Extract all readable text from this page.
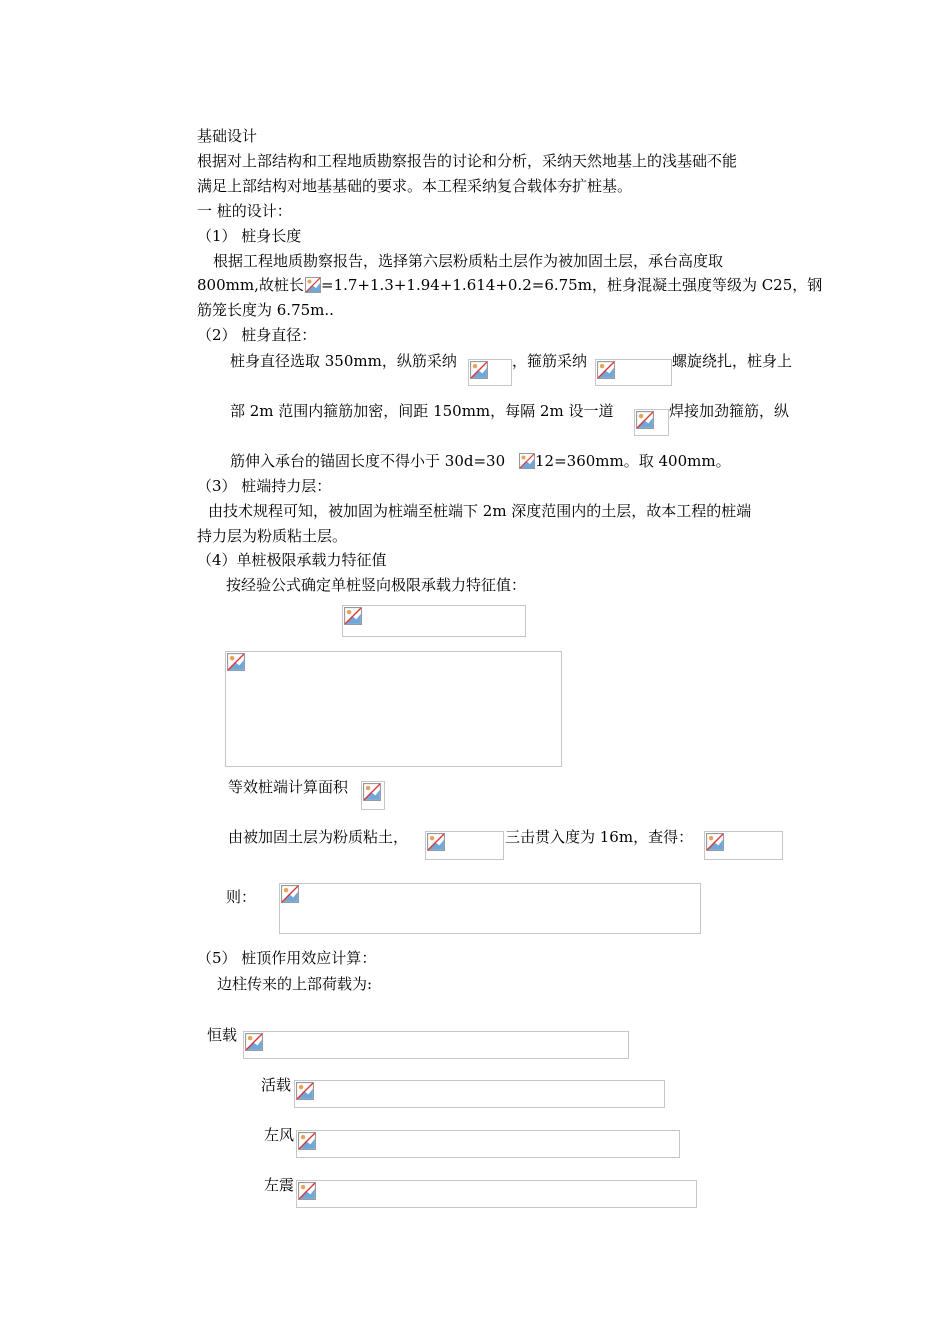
基础设计
根据对上部结构和工程地质勘察报告的讨论和分析，采纳天然地基上的浅基础不能
满足上部结构对地基基础的要求。本工程采纳复合载体夯扩桩基。
一 桩的设计：
（1） 桩身长度
根据工程地质勘察报告，选择第六层粉质粘土层作为被加固土层，承台高度取
800mm,故桩长 =1.7+1.3+1.94+1.614+0.2=6.75m，桩身混凝土强度等级为 C25，钢
筋笼长度为 6.75m..
（2） 桩身直径：
桩身直径选取 350mm，纵筋采纳	，箍筋采纳	螺旋绕扎，桩身上
部 2m 范围内箍筋加密，间距 150mm，每隔 2m 设一道	焊接加劲箍筋，纵
筋伸入承台的锚固长度不得小于 30d=30 12=360mm。取 400mm。
（3） 桩端持力层：
由技术规程可知，被加固为桩端至桩端下 2m 深度范围内的土层，故本工程的桩端
持力层为粉质粘土层。
（4）单桩极限承载力特征值
按经验公式确定单桩竖向极限承载力特征值：
等效桩端计算面积
由被加固土层为粉质粘土，	三击贯入度为 16m，查得：
则：
（5） 桩顶作用效应计算：
边柱传来的上部荷载为:
恒载
活载
左风
左震
